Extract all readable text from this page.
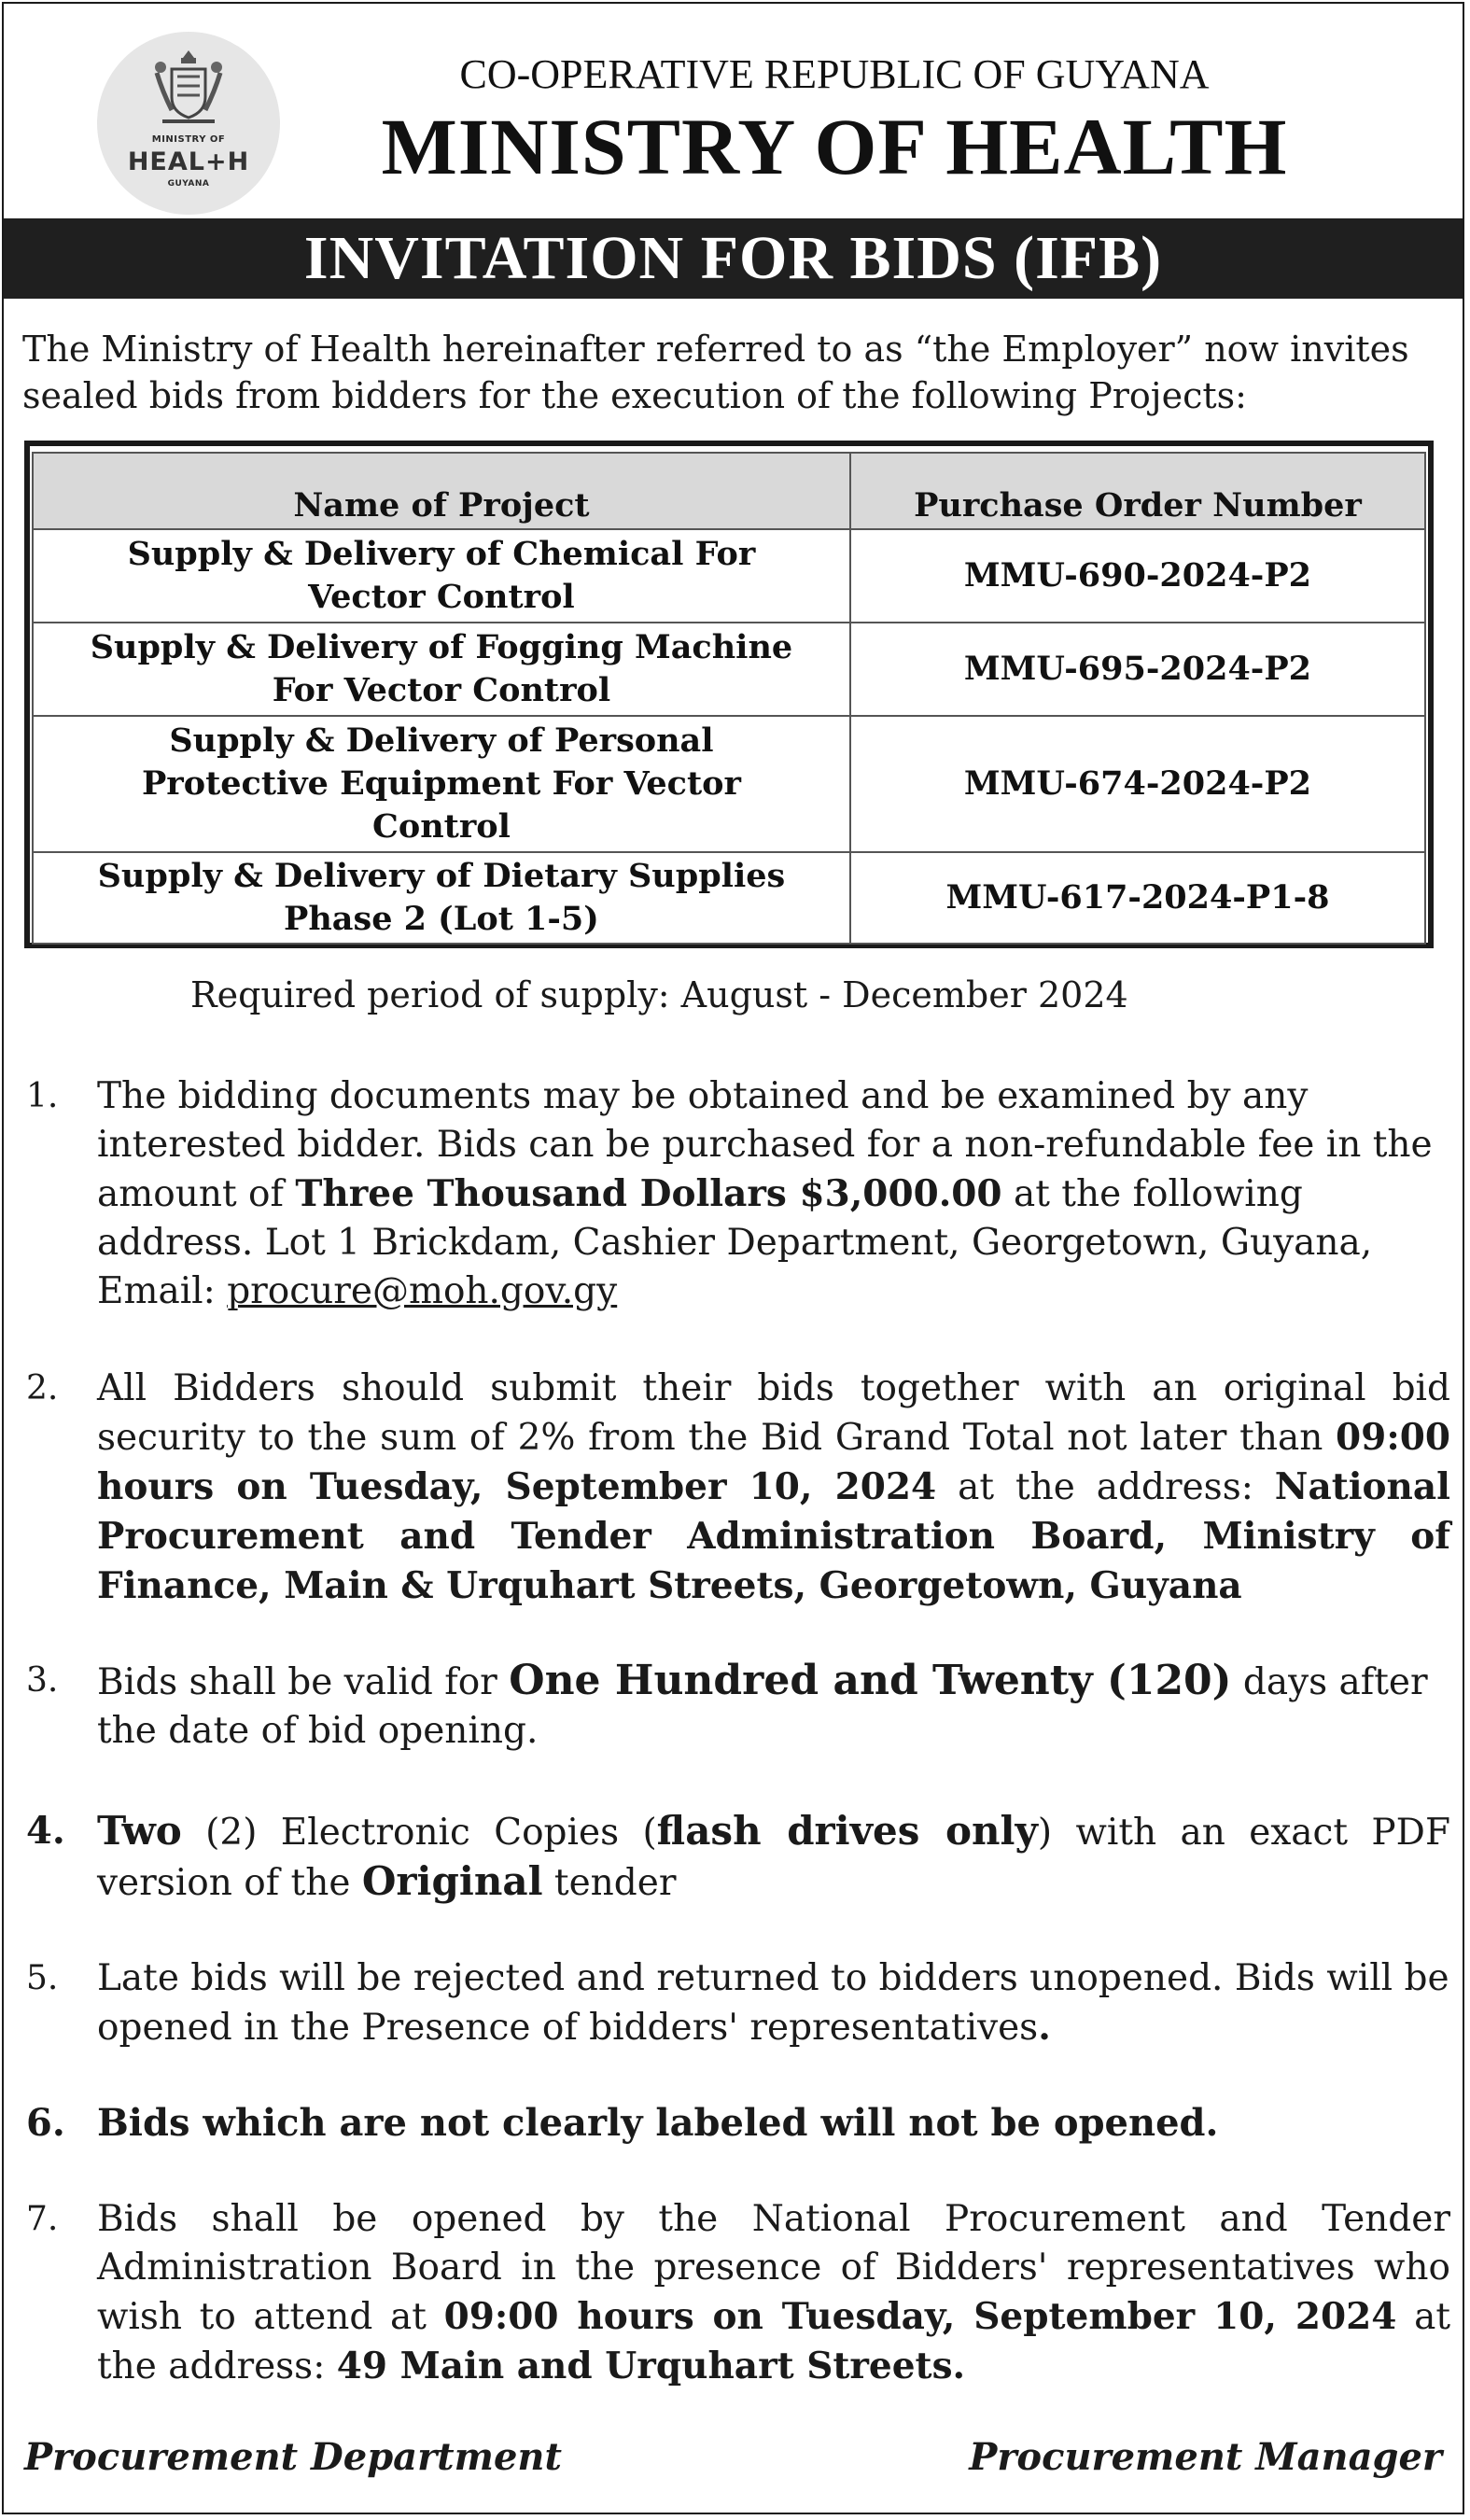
MINISTRY OF
HEAL+H
GUYANA
CO-OPERATIVE REPUBLIC OF GUYANA
MINISTRY OF HEALTH
INVITATION FOR BIDS (IFB)
The Ministry of Health hereinafter referred to as “the Employer” now invites sealed bids from bidders for the execution of the following Projects:
Name of Project	Purchase Order Number
Supply & Delivery of Chemical For Vector Control	MMU-690-2024-P2
Supply & Delivery of Fogging Machine For Vector Control	MMU-695-2024-P2
Supply & Delivery of Personal Protective Equipment For Vector Control	MMU-674-2024-P2
Supply & Delivery of Dietary Supplies Phase 2 (Lot 1-5)	MMU-617-2024-P1-8
Required period of supply: August - December 2024
1. The bidding documents may be obtained and be examined by any interested bidder. Bids can be purchased for a non-refundable fee in the amount of Three Thousand Dollars $3,000.00 at the following address. Lot 1 Brickdam, Cashier Department, Georgetown, Guyana, Email: procure@moh.gov.gy
2. All Bidders should submit their bids together with an original bid security to the sum of 2% from the Bid Grand Total not later than 09:00 hours on Tuesday, September 10, 2024 at the address: National Procurement and Tender Administration Board, Ministry of Finance, Main & Urquhart Streets, Georgetown, Guyana
3. Bids shall be valid for One Hundred and Twenty (120) days after the date of bid opening.
4. Two (2) Electronic Copies (flash drives only) with an exact PDF version of the Original tender
5. Late bids will be rejected and returned to bidders unopened. Bids will be opened in the Presence of bidders' representatives.
6. Bids which are not clearly labeled will not be opened.
7. Bids shall be opened by the National Procurement and Tender Administration Board in the presence of Bidders' representatives who wish to attend at 09:00 hours on Tuesday, September 10, 2024 at the address: 49 Main and Urquhart Streets.
Procurement Department	Procurement Manager
